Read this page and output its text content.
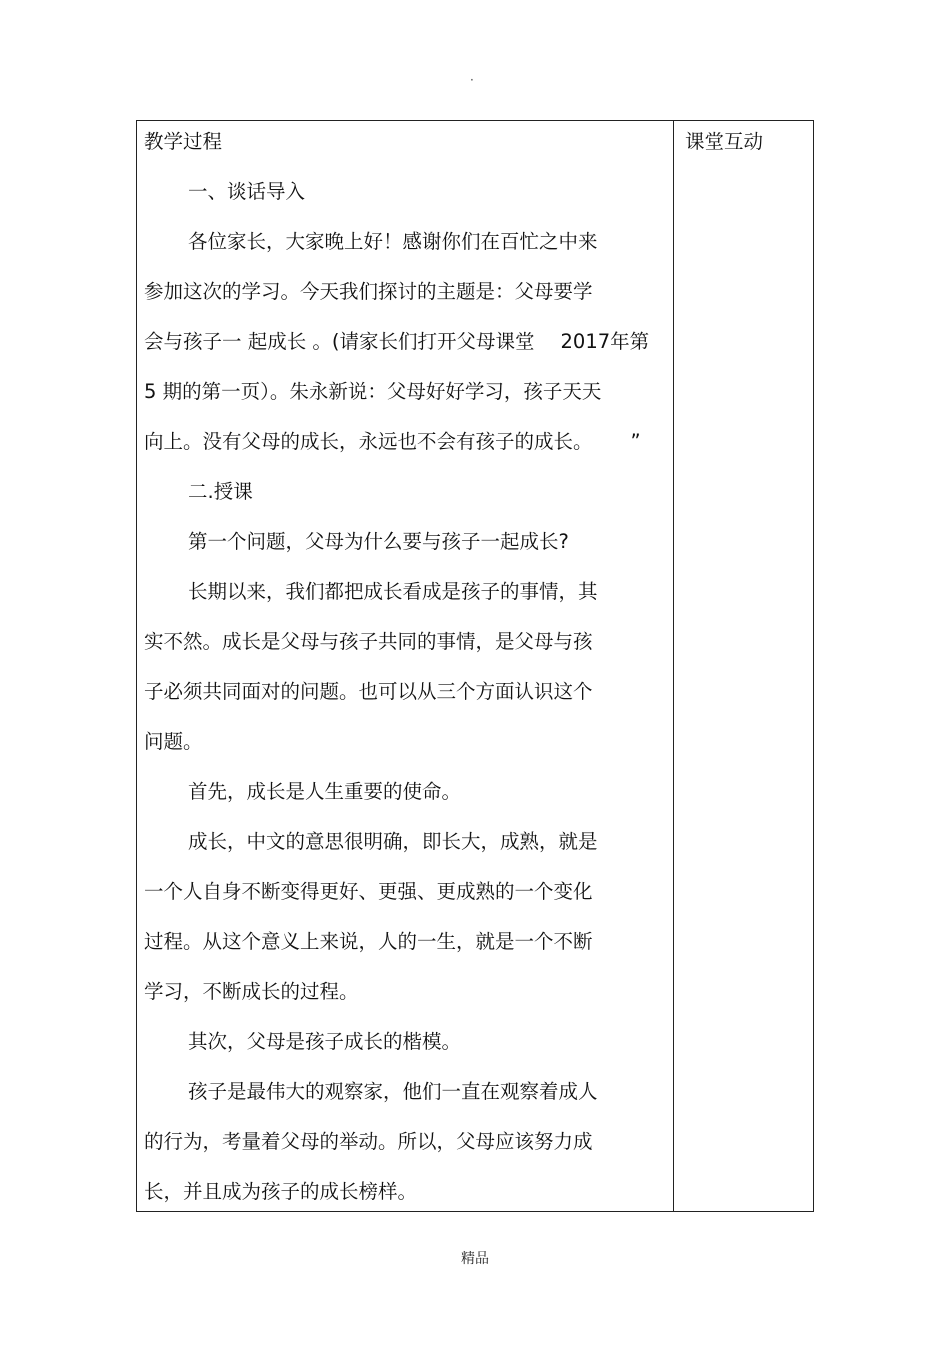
·

教学过程

一、谈话导入

各位家长，大家晚上好！感谢你们在百忙之中来

参加这次的学习。今天我们探讨的主题是：父母要学

会与孩子一 起成长 。(请家长们打开父母课堂 2017年第

5 期的第一页）。朱永新说：父母好好学习，孩子天天

向上。没有父母的成长，永远也不会有孩子的成长。 ”

二.授课

第一个问题，父母为什么要与孩子一起成长?

长期以来，我们都把成长看成是孩子的事情，其

实不然。成长是父母与孩子共同的事情，是父母与孩

子必须共同面对的问题。也可以从三个方面认识这个

问题。

首先，成长是人生重要的使命。

成长，中文的意思很明确，即长大，成熟，就是

一个人自身不断变得更好、更强、更成熟的一个变化

过程。从这个意义上来说，人的一生，就是一个不断

学习，不断成长的过程。

其次，父母是孩子成长的楷模。

孩子是最伟大的观察家，他们一直在观察着成人

的行为，考量着父母的举动。所以，父母应该努力成

长，并且成为孩子的成长榜样。

课堂互动

精品
